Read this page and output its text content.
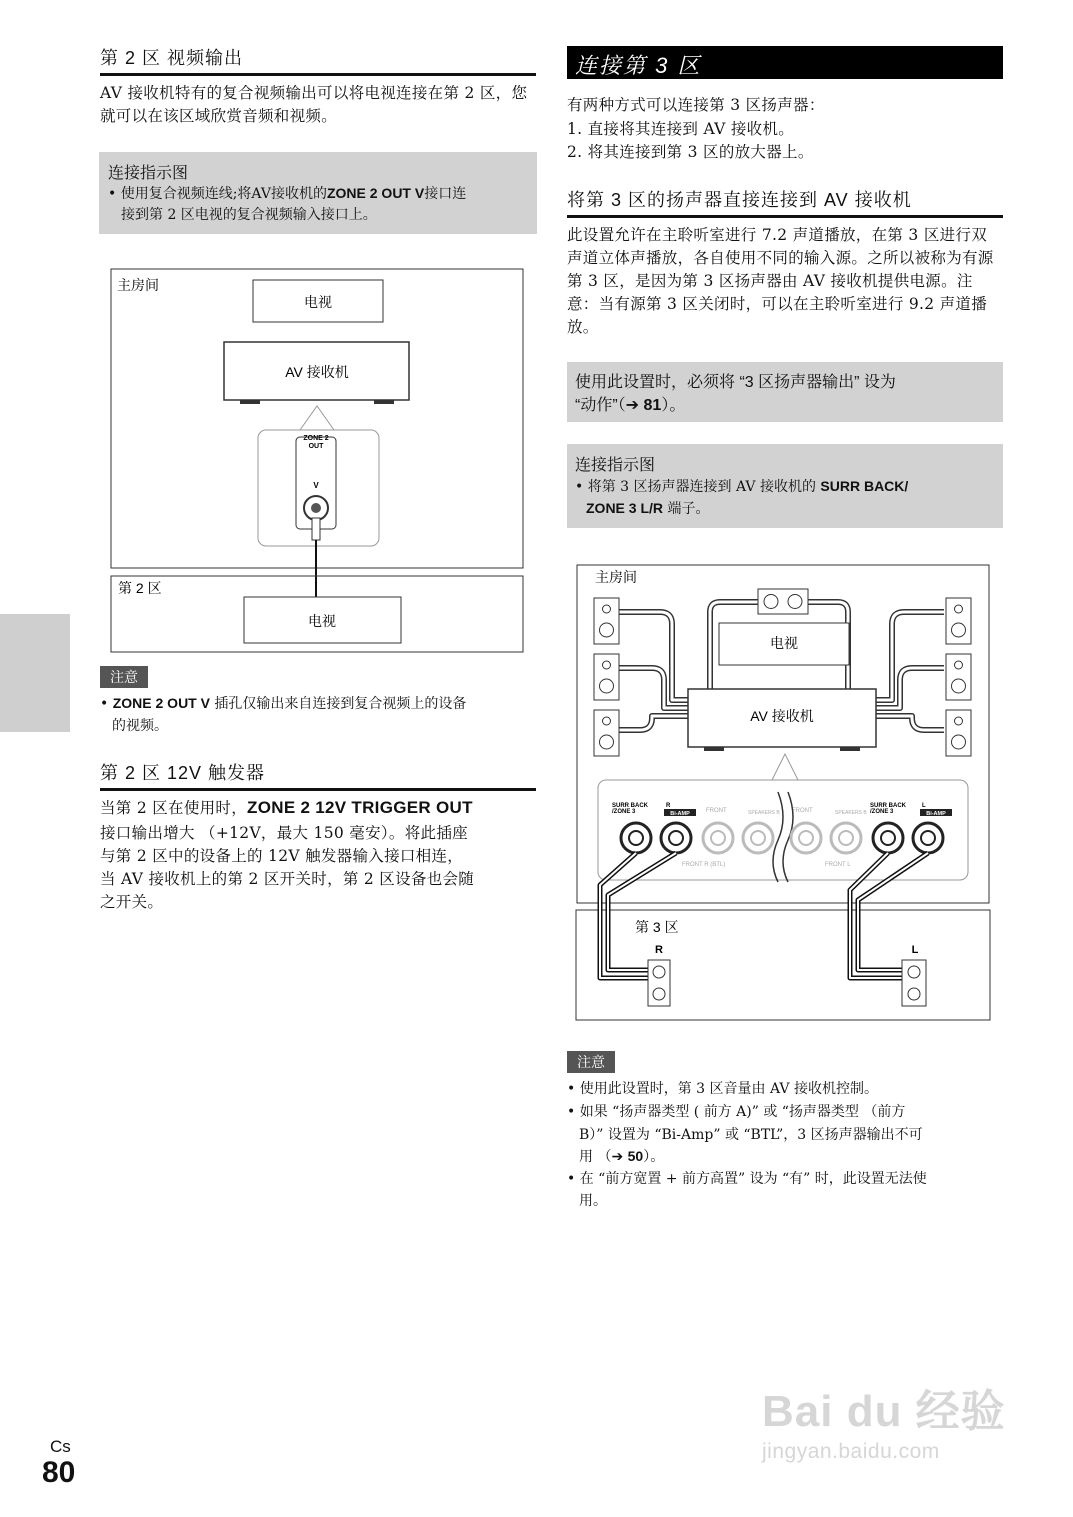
第 2 区 视频输出
AV 接收机特有的复合视频输出可以将电视连接在第 2 区，您就可以在该区域欣赏音频和视频。
连接指示图
• 使用复合视频连线;将AV接收机的ZONE 2 OUT V接口连
接到第 2 区电视的复合视频输入接口上。
主房间
电视
AV 接收机
ZONE 2
OUT
V
第 2 区
电视
注意
• ZONE 2 OUT V 插孔仅输出来自连接到复合视频上的设备
的视频。
第 2 区 12V 触发器
当第 2 区在使用时，ZONE 2 12V TRIGGER OUT
接口输出增大 （+12V，最大 150 毫安）。将此插座
与第 2 区中的设备上的 12V 触发器输入接口相连，
当 AV 接收机上的第 2 区开关时，第 2 区设备也会随
之开关。
连接第 3 区
有两种方式可以连接第 3 区扬声器：
1. 直接将其连接到 AV 接收机。
2. 将其连接到第 3 区的放大器上。
将第 3 区的扬声器直接连接到 AV 接收机
此设置允许在主聆听室进行 7.2 声道播放，在第 3 区进行双声道立体声播放，各自使用不同的输入源。之所以被称为有源第 3 区，是因为第 3 区扬声器由 AV 接收机提供电源。注意：当有源第 3 区关闭时，可以在主聆听室进行 9.2 声道播放。
使用此设置时，必须将 “3 区扬声器输出” 设为
“动作”（➔ 81）。
连接指示图
• 将第 3 区扬声器连接到 AV 接收机的 SURR BACK/
ZONE 3 L/R 端子。
主房间
电视
AV 接收机
SURR BACK
/ZONE 3
R
Bi-AMP	FRONT	SPEAKERS B FRONT	SPEAKERS B
SURR BACK
/ZONE 3
L
Bi-AMP
FRONT R (BTL)	FRONT L
第 3 区
R	L
注意
• 使用此设置时，第 3 区音量由 AV 接收机控制。
• 如果 “扬声器类型 ( 前方 A)” 或 “扬声器类型 （前方
B）” 设置为 “Bi-Amp” 或 “BTL”，3 区扬声器输出不可
用 （➔ 50）。
• 在 “前方宽置 + 前方高置” 设为 “有” 时，此设置无法使
用。
Bai du 经验
jingyan.baidu.com
Cs
80
